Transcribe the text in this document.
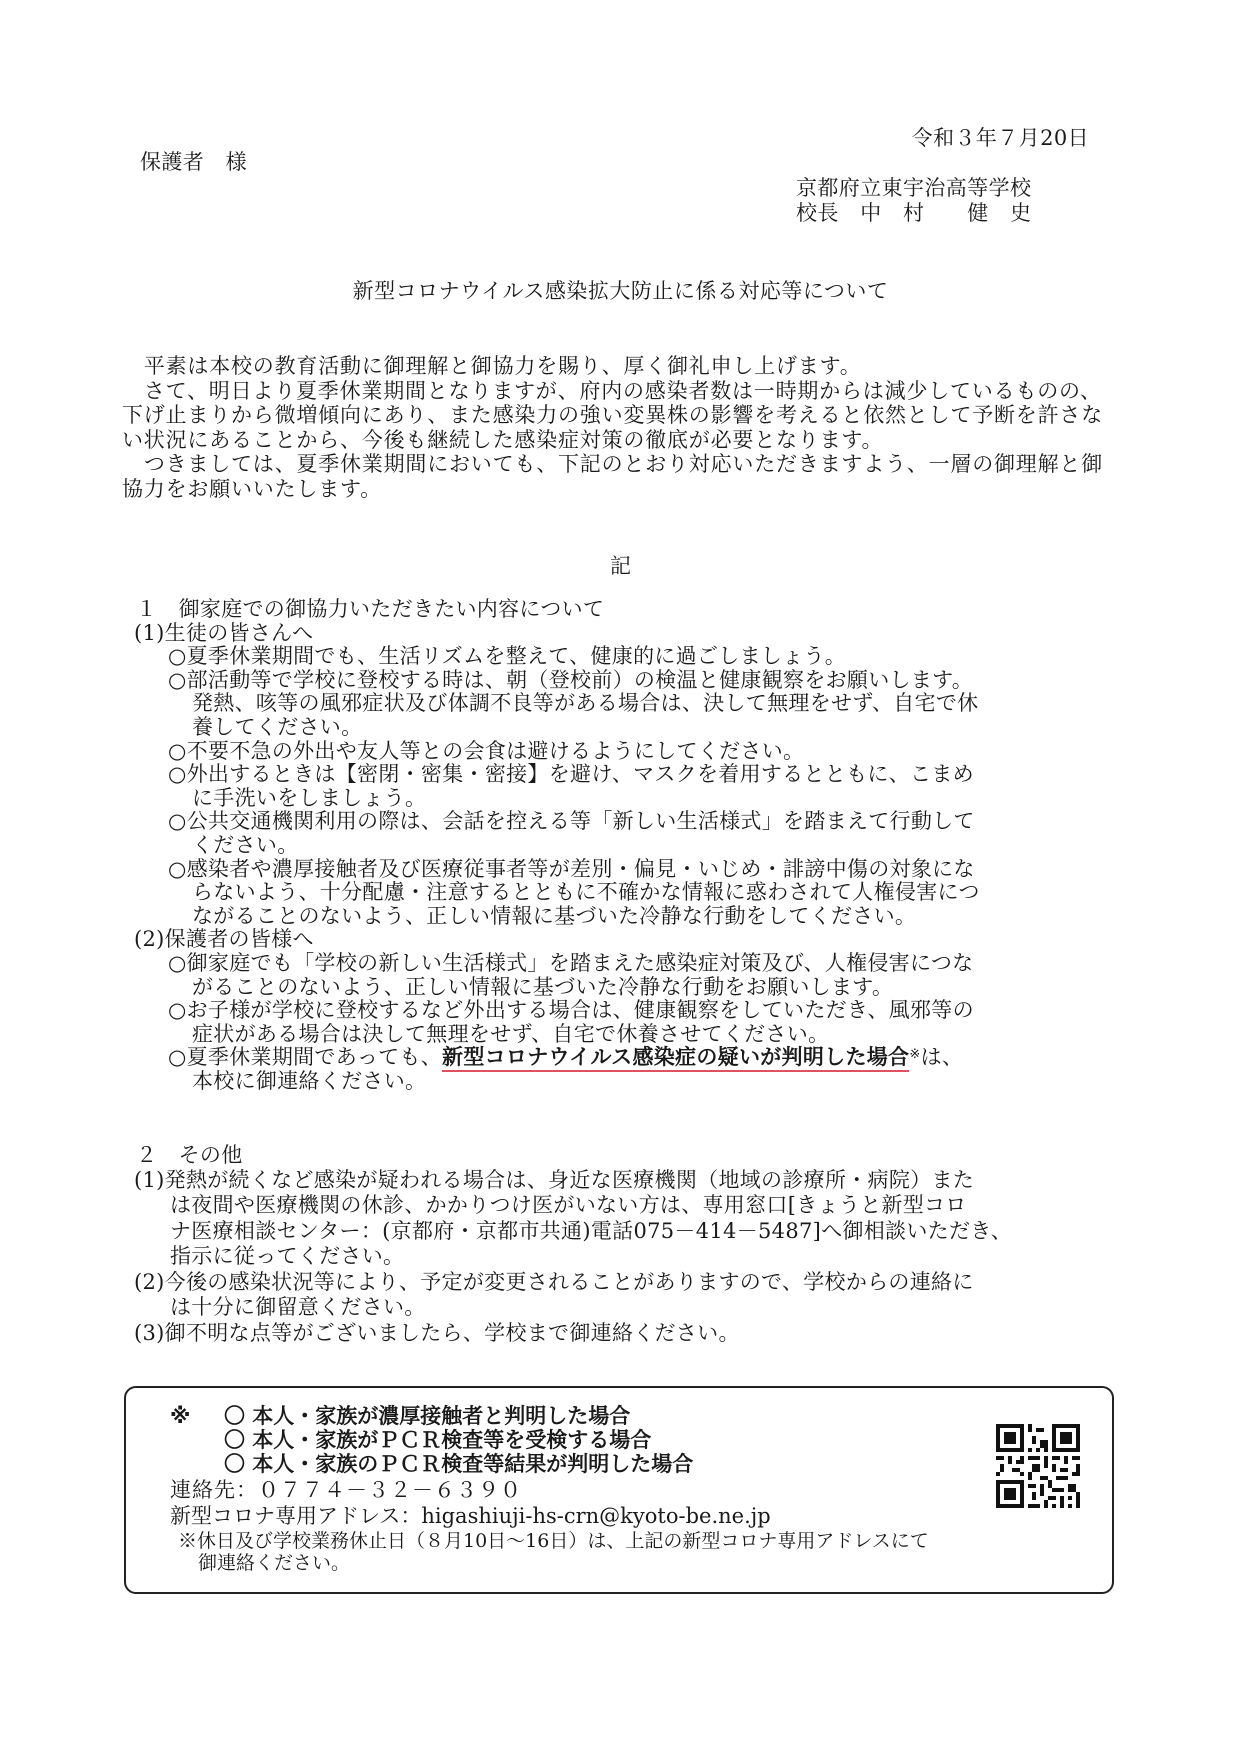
令和３年７月20日
保護者　様
京都府立東宇治高等学校
校長　中　村　　健　史
新型コロナウイルス感染拡大防止に係る対応等について

　平素は本校の教育活動に御理解と御協力を賜り、厚く御礼申し上げます。

　さて、明日より夏季休業期間となりますが、府内の感染者数は一時期からは減少しているものの、下げ止まりから微増傾向にあり、また感染力の強い変異株の影響を考えると依然として予断を許さない状況にあることから、今後も継続した感染症対策の徹底が必要となります。

　つきましては、夏季休業期間においても、下記のとおり対応いただきますよう、一層の御理解と御協力をお願いいたします。

記
１　御家庭での御協力いただきたい内容について
(1)生徒の皆さんへ
○夏季休業期間でも、生活リズムを整えて、健康的に過ごしましょう。
○部活動等で学校に登校する時は、朝（登校前）の検温と健康観察をお願いします。
発熱、咳等の風邪症状及び体調不良等がある場合は、決して無理をせず、自宅で休
養してください。
○不要不急の外出や友人等との会食は避けるようにしてください。
○外出するときは【密閉・密集・密接】を避け、マスクを着用するとともに、こまめ
に手洗いをしましょう。
○公共交通機関利用の際は、会話を控える等「新しい生活様式」を踏まえて行動して
ください。
○感染者や濃厚接触者及び医療従事者等が差別・偏見・いじめ・誹謗中傷の対象にな
らないよう、十分配慮・注意するとともに不確かな情報に惑わされて人権侵害につ
ながることのないよう、正しい情報に基づいた冷静な行動をしてください。
(2)保護者の皆様へ
○御家庭でも「学校の新しい生活様式」を踏まえた感染症対策及び、人権侵害につな
がることのないよう、正しい情報に基づいた冷静な行動をお願いします。
○お子様が学校に登校するなど外出する場合は、健康観察をしていただき、風邪等の
症状がある場合は決して無理をせず、自宅で休養させてください。
○夏季休業期間であっても、新型コロナウイルス感染症の疑いが判明した場合※は、
本校に御連絡ください。
２　その他
(1)発熱が続くなど感染が疑われる場合は、身近な医療機関（地域の診療所・病院）また
は夜間や医療機関の休診、かかりつけ医がいない方は、専用窓口[きょうと新型コロ
ナ医療相談センター：(京都府・京都市共通)電話075－414－5487]へ御相談いただき、
指示に従ってください。
(2)今後の感染状況等により、予定が変更されることがありますので、学校からの連絡に
は十分に御留意ください。
(3)御不明な点等がございましたら、学校まで御連絡ください。
※ 〇 本人・家族が濃厚接触者と判明した場合
〇 本人・家族がＰＣＲ検査等を受検する場合
〇 本人・家族のＰＣＲ検査等結果が判明した場合
連絡先：０７７４－３２－６３９０
新型コロナ専用アドレス：higashiuji-hs-crn@kyoto-be.ne.jp
※休日及び学校業務休止日（８月10日～16日）は、上記の新型コロナ専用アドレスにて
御連絡ください。
